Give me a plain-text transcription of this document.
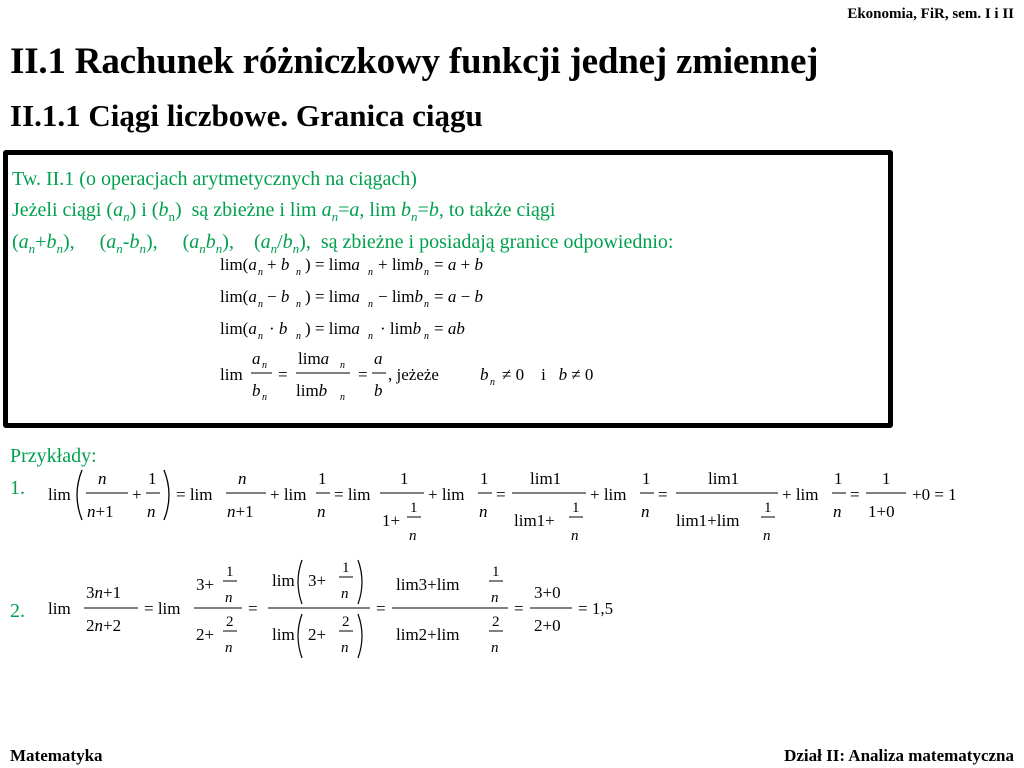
Ekonomia, FiR, sem. I i II
II.1 Rachunek różniczkowy funkcji jednej zmiennej
II.1.1 Ciągi liczbowe. Granica ciągu
Tw. II.1 (o operacjach arytmetycznych na ciągach)
Jeżeli ciągi $(a_n)$ i $(b_n)$  są zbieżne i $\lim a_n=a$, $\lim b_n=b$, to także ciągi
$(a_n+b_n)$,     $(a_n-b_n)$,     $(a_nb_n)$,    $(a_n/b_n)$,  są zbieżne i posiadają granice odpowiednio:
lim(a n + b n ) = lima n + limb n = a + b
lim(a n − b n ) = lima n − limb n = a − b
lim(a n · b n ) = lima n · limb n = ab
lim
a n
b n
=
lima n
limb n
=
a
b
, jeżeże b n ≠ 0    i   b ≠ 0
Przykłady:
1. lim
n
n+1
+
1
n
= lim
n
n+1
+ lim
1
n
= lim
1
1+
1
n
+ lim
1
n
=
lim1
lim1+
1
n
+ lim
1
n
=
lim1
lim1+lim
1
n
+ lim
1
n
=
1
1+0
+0 = 1
2. lim
3n+1
2n+2
= lim
3+
1
n
2+
2
n
=
lim 3+
1
n
lim 2+
2
n
=
lim3+lim
1
n
lim2+lim
2
n
=
3+0
2+0
= 1,5
Matematyka	Dział II: Analiza matematyczna
